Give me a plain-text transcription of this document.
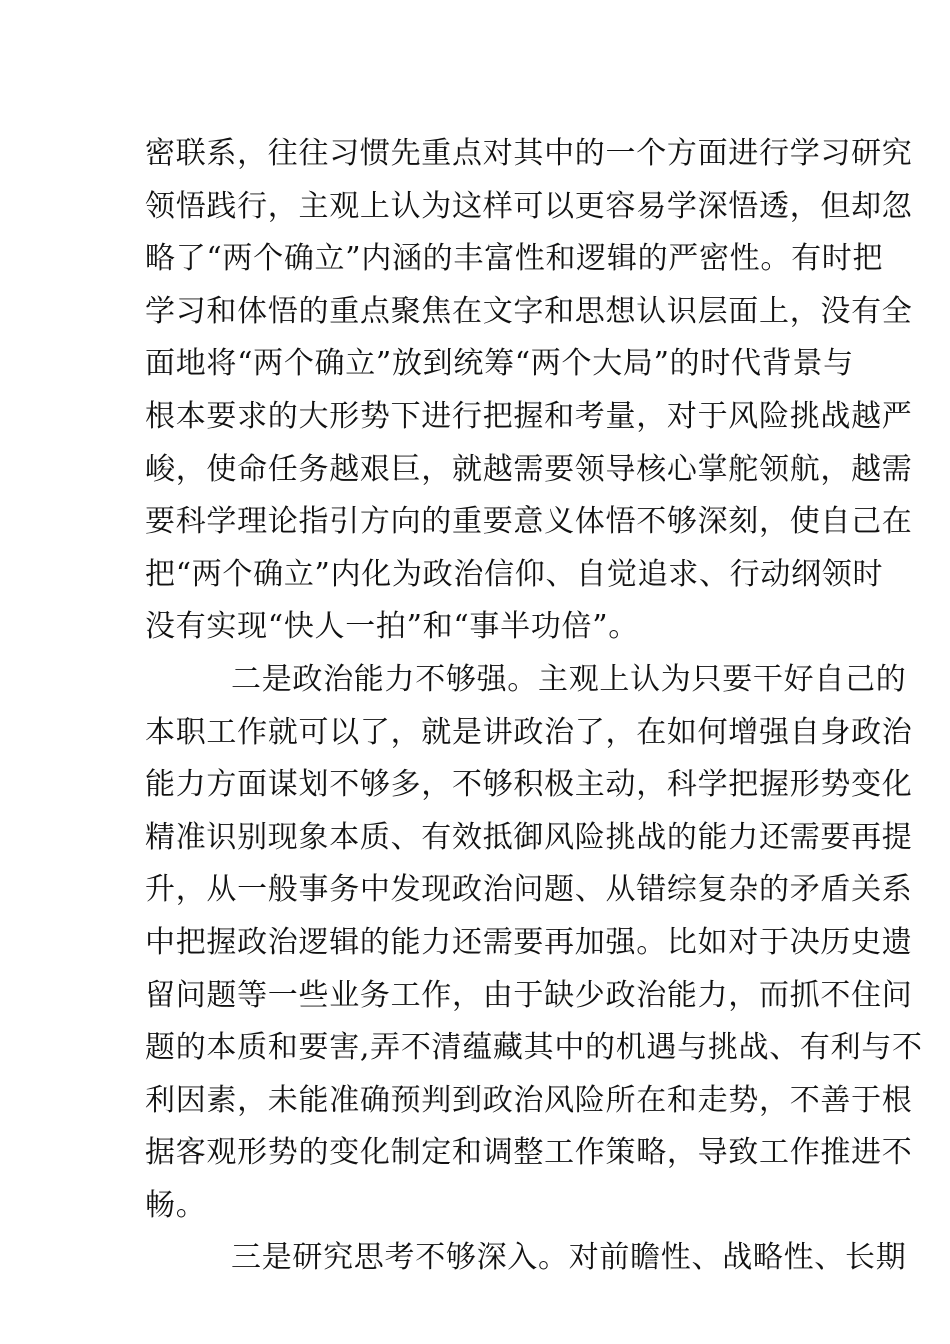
密联系，往往习惯先重点对其中的一个方面进行学习研究
领悟践行，主观上认为这样可以更容易学深悟透，但却忽
略了“两个确立”内涵的丰富性和逻辑的严密性。有时把
学习和体悟的重点聚焦在文字和思想认识层面上，没有全
面地将“两个确立”放到统筹“两个大局”的时代背景与
根本要求的大形势下进行把握和考量，对于风险挑战越严
峻，使命任务越艰巨，就越需要领导核心掌舵领航，越需
要科学理论指引方向的重要意义体悟不够深刻，使自己在
把“两个确立”内化为政治信仰、自觉追求、行动纲领时
没有实现“快人一拍”和“事半功倍”。
二是政治能力不够强。主观上认为只要干好自己的
本职工作就可以了，就是讲政治了，在如何增强自身政治
能力方面谋划不够多，不够积极主动，科学把握形势变化
精准识别现象本质、有效抵御风险挑战的能力还需要再提
升，从一般事务中发现政治问题、从错综复杂的矛盾关系
中把握政治逻辑的能力还需要再加强。比如对于决历史遗
留问题等一些业务工作，由于缺少政治能力，而抓不住问
题的本质和要害,弄不清蕴藏其中的机遇与挑战、有利与不
利因素，未能准确预判到政治风险所在和走势，不善于根
据客观形势的变化制定和调整工作策略，导致工作推进不
畅。
三是研究思考不够深入。对前瞻性、战略性、长期
